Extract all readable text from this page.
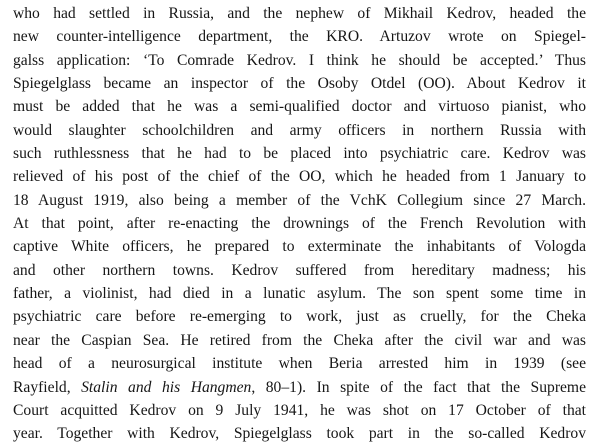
who had settled in Russia, and the nephew of Mikhail Kedrov, headed the
new counter-intelligence department, the KRO. Artuzov wrote on Spiegel-
galss application: ‘To Comrade Kedrov. I think he should be accepted.’ Thus
Spiegelglass became an inspector of the Osoby Otdel (OO). About Kedrov it
must be added that he was a semi-qualified doctor and virtuoso pianist, who
would slaughter schoolchildren and army officers in northern Russia with
such ruthlessness that he had to be placed into psychiatric care. Kedrov was
relieved of his post of the chief of the OO, which he headed from 1 January to
18 August 1919, also being a member of the VchK Collegium since 27 March.
At that point, after re-enacting the drownings of the French Revolution with
captive White officers, he prepared to exterminate the inhabitants of Vologda
and other northern towns. Kedrov suffered from hereditary madness; his
father, a violinist, had died in a lunatic asylum. The son spent some time in
psychiatric care before re-emerging to work, just as cruelly, for the Cheka
near the Caspian Sea. He retired from the Cheka after the civil war and was
head of a neurosurgical institute when Beria arrested him in 1939 (see
Rayfield, Stalin and his Hangmen, 80–1). In spite of the fact that the Supreme
Court acquitted Kedrov on 9 July 1941, he was shot on 17 October of that
year. Together with Kedrov, Spiegelglass took part in the so-called Kedrov
